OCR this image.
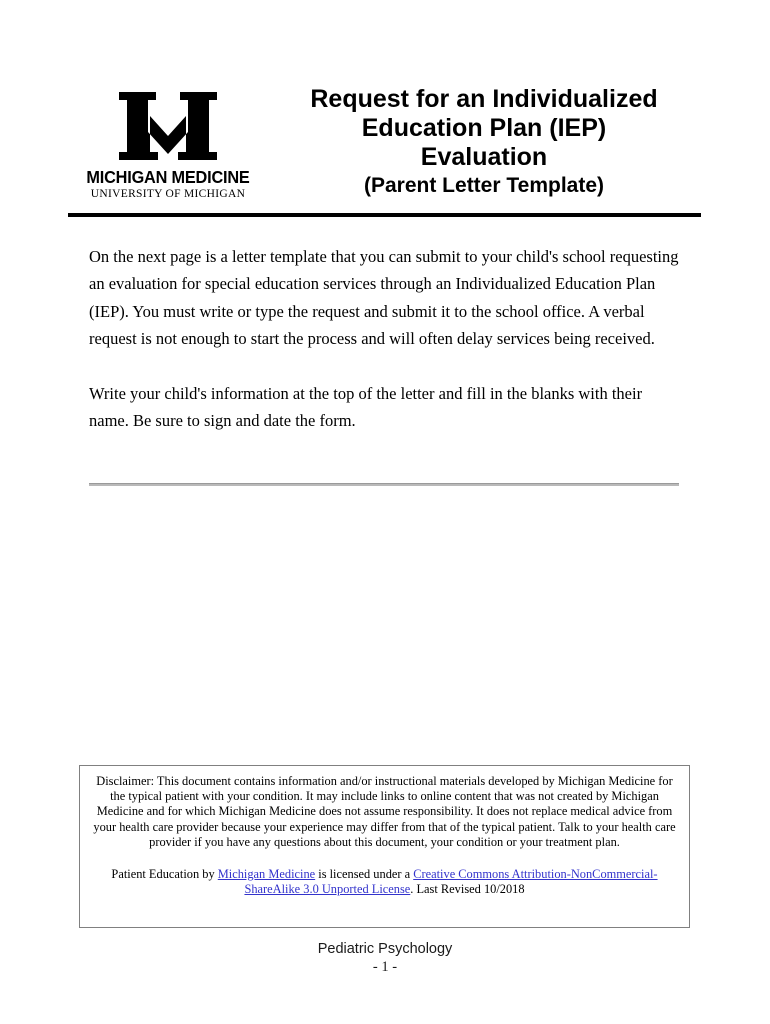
MICHIGAN MEDICINE
UNIVERSITY OF MICHIGAN
Request for an Individualized
Education Plan (IEP)
Evaluation
(Parent Letter Template)

On the next page is a letter template that you can submit to your child's school requesting an evaluation for special education services through an Individualized Education Plan (IEP). You must write or type the request and submit it to the school office. A verbal request is not enough to start the process and will often delay services being received.

Write your child's information at the top of the letter and fill in the blanks with their name. Be sure to sign and date the form.

Disclaimer: This document contains information and/or instructional materials developed by Michigan Medicine for the typical patient with your condition. It may include links to online content that was not created by Michigan Medicine and for which Michigan Medicine does not assume responsibility. It does not replace medical advice from your health care provider because your experience may differ from that of the typical patient. Talk to your health care provider if you have any questions about this document, your condition or your treatment plan.

Patient Education by Michigan Medicine is licensed under a Creative Commons Attribution-NonCommercial-ShareAlike 3.0 Unported License. Last Revised 10/2018

Pediatric Psychology
- 1 -
